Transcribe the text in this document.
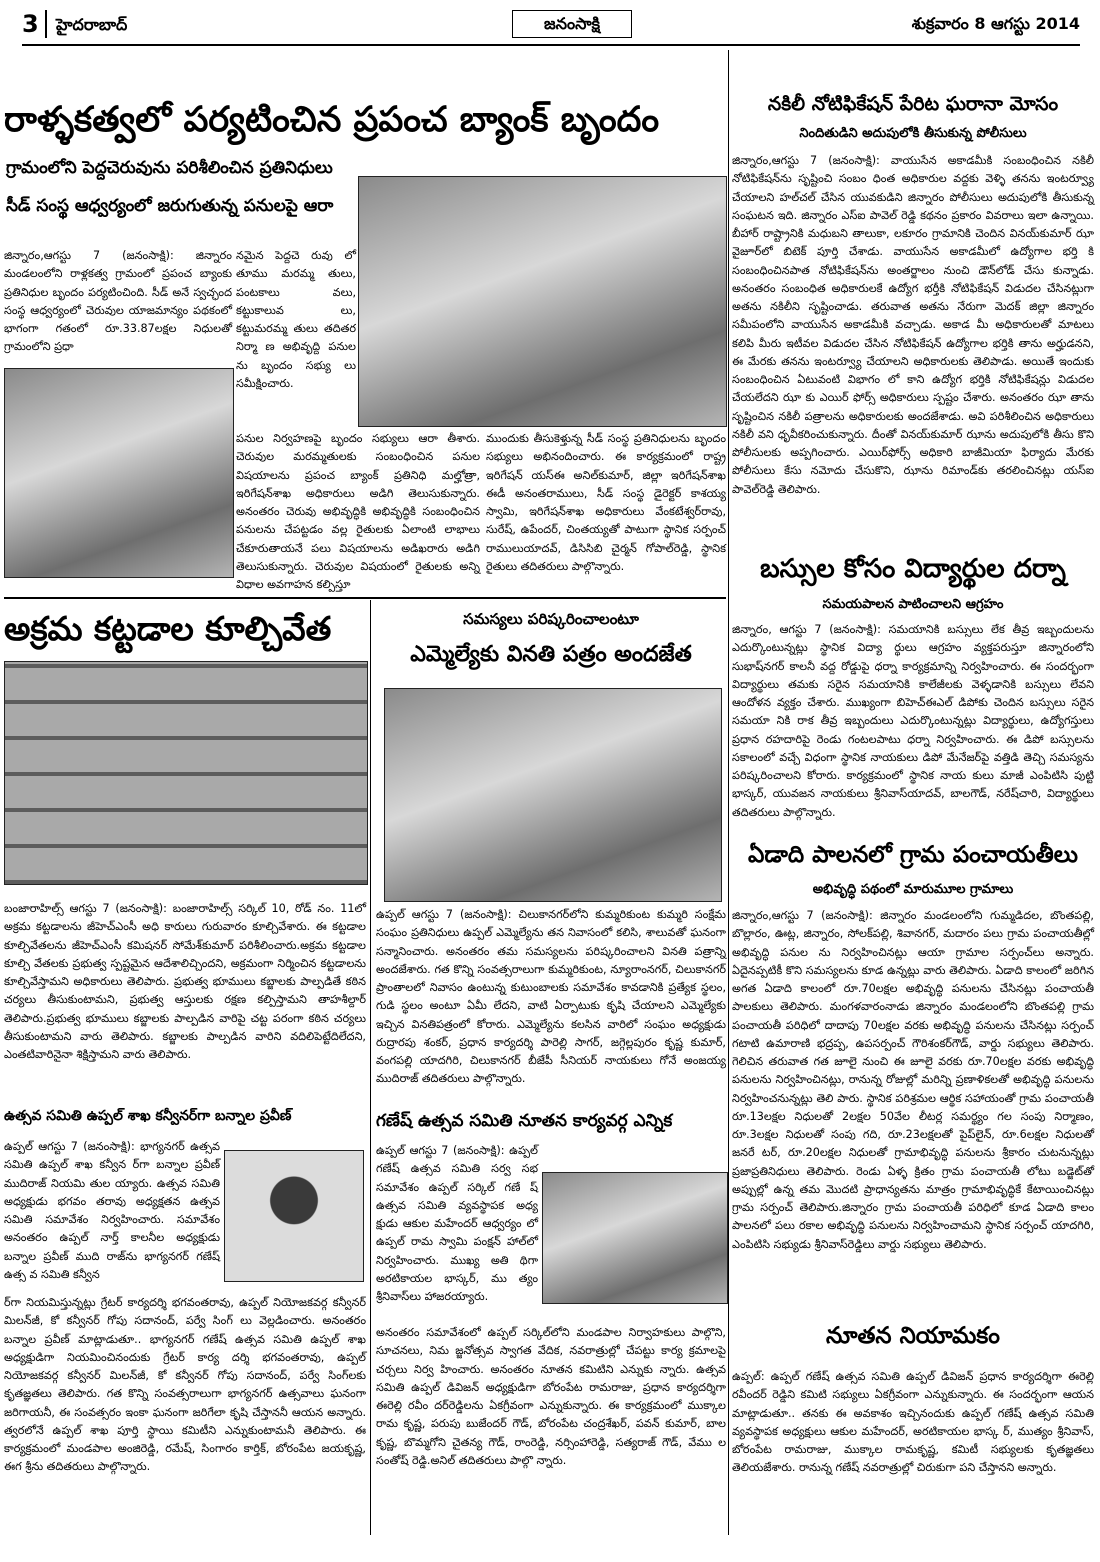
3	హైదరాబాద్	జనంసాక్షి	శుక్రవారం 8 ఆగస్టు 2014
రాళ్ళకత్వలో పర్యటించిన ప్రపంచ బ్యాంక్ బృందం
గ్రామంలోని పెద్దచెరువును పరిశీలించిన ప్రతినిధులు
సీడ్ సంస్థ ఆధ్వర్యంలో జరుగుతున్న పనులపై ఆరా
జిన్నారం,ఆగస్టు 7 (జనంసాక్షి): జిన్నారం మండలంలోని రాళ్లకత్వ గ్రామంలో ప్రపంచ బ్యాంకు ప్రతినిధుల బృందం పర్యటించింది. సీడ్ అనే స్వచ్ఛంద సంస్థ ఆధ్వర్యంలో చెరువుల యాజమాన్యం పథకంలో భాగంగా గతంలో రూ.33.87లక్షల నిధులతో గ్రామంలోని ప్రధా
నమైన పెద్దచె రువు లో తూము మరమ్మ తులు, పంటకాలు వలు, కట్టుకాలువ లు, కట్టుమరమ్మ తులు తదితర నిర్మా ణ అభివృద్ది పనుల ను బృందం సభ్యు లు సమీక్షించారు.
పనుల నిర్వహణపై బృందం సభ్యులు ఆరా తీశారు. చెరువుల మరమ్మతులకు సంబంధించిన పనుల విషయాలను ప్రపంచ బ్యాంక్ ప్రతినిధి మల్హోత్రా, ఇరిగేషన్‌శాఖ అధికారులు అడిగి తెలుసుకున్నారు. అనంతరం చెరువు అభివృద్ధికి అభివృద్ధికి సంబంధించిన పనులను చేపట్టడం వల్ల రైతులకు ఏలాంటి లాభాలు చేకూరుతాయనే పలు విషయాలను అడిఖరారు అడిగి తెలుసుకున్నారు. చెరువుల విషయంలో రైతులకు అన్ని విధాల అవగాహన కల్పిస్తూ
ముందుకు తీసుకెళ్తున్న సీడ్ సంస్థ ప్రతినిధులను బృందం సభ్యులు అభినందించారు. ఈ కార్యక్రమంలో రాష్ట్ర ఇరిగేషన్ యస్ఈ అనిల్‌కుమార్, జిల్లా ఇరిగేషన్‌శాఖ ఈడీ అనంతరాములు, సీడ్ సంస్థ డైరెక్టర్ కాశయ్య స్వామి, ఇరిగేషన్‌శాఖ అధికారులు వేంకటేశ్వర్‌రావు, సురేష్, ఉపేందర్, చింతయ్యతో పాటుగా స్థానిక సర్పంచ్ రాములుయాదవ్, డిసిసిబి చైర్మన్ గోపాల్‌రెడ్డి, స్థానిక రైతులు తదితరులు పాల్గొన్నారు.
నకిలీ నోటిఫికేషన్ పేరిట ఘరానా మోసం
నిందితుడిని అదుపులోకి తీసుకున్న పోలీసులు
జిన్నారం,ఆగస్టు 7 (జనంసాక్షి): వాయుసేన అకాడమీకి సంబంధించిన నకిలీ నోటిఫికేషన్‌ను సృష్టించి సంబం ధింత అధికారుల వద్దకు వెళ్ళి తనను ఇంటర్వ్యూ చేయాలని హల్‌చల్ చేసిన యువకుడిని జిన్నారం పోలీసులు అదుపులోకి తీసుకున్న సంఘటన ఇది. జిన్నారం ఎస్ఐ పావెల్ రెడ్డి కథనం ప్రకారం వివరాలు ఇలా ఉన్నాయి. బీహార్ రాష్ట్రానికి మధుబని తాలుకా, లకూరం గ్రామానికి చెందిన వినయ్‌కుమార్ ఝా వైజూర్‌లో బిటెక్ పూర్తి చేశాడు. వాయుసేన అకాడమీలో ఉద్యోగాల భర్తి కి సంబంధించినపాత నోటిఫికేషన్‌ను అంతర్జాలం నుంచి డౌన్‌లోడ్ చేసు కున్నాడు. అనంతరం సంబంధిత అధికారులకే ఉద్యోగ భర్తీకి నోటిఫికేషన్ విడుదల చేసినట్లుగా అతను నకిలీని సృష్టించాడు. తరువాత అతను నేరుగా మెదక్ జిల్లా జిన్నారం సమీపంలోని వాయుసేన అకాడమీకి వచ్చాడు. అకాడ మీ అధికారులతో మాటలు కలిపి మీరు ఇటీవల విడుదల చేసిన నోటిఫికేషన్ ఉద్యోగాల భర్తికి తాను అర్హుడనని, ఈ మేరకు తనను ఇంటర్వ్యూ చేయాలని అధికారులకు తెలిపాడు. అయితే ఇందుకు సంబంధించిన ఏటువంటి విభాగం లో కాని ఉద్యోగ భర్తికి నోటిఫికేషన్లు విడుదల చేయలేదని ఝా కు ఎయిర్ ఫోర్స్ అధికారులు స్పష్టం చేశారు. అనంతరం ఝా తాను సృష్టించిన నకిలీ పత్రాలను అధికారులకు అందజేశాడు. అవి పరిశీలించిన అధికారులు నకిలీ వని ధృవీకరించుకున్నారు. దీంతో వినయ్‌కుమార్ ఝాను అదుపులోకి తీసు కొని పోలీసులకు అప్పగించారు. ఎయిర్‌ఫోర్స్ అధికారి బాజీమియా ఫిర్యాదు మేరకు పోలీసులు కేసు నమోదు చేసుకొని, ఝాను రిమాండ్‌కు తరలించినట్లు యస్ఐ పావెల్‌రెడ్డి తెలిపారు.
బస్సుల కోసం విద్యార్థుల దర్నా
సమయపాలన పాటించాలని ఆగ్రహం
జిన్నారం, ఆగస్టు 7 (జనంసాక్షి): సమయానికి బస్సులు లేక తీవ్ర ఇబ్బందులను ఎదుర్కొంటున్నట్లు స్థానిక విద్యా ర్థులు ఆగ్రహం వ్యక్తపరుస్తూ జిన్నారంలోని సుభాష్‌నగర్ కాలనీ వద్ద రోడ్డుపై ధర్నా కార్యక్రమాన్ని నిర్వహించారు. ఈ సందర్భంగా విద్యార్థులు తమకు సరైన సమయానికి కాలేజీలకు వెళ్ళడానికి బస్సులు లేవని ఆందోళన వ్యక్తం చేశారు. ముఖ్యంగా బిహెచ్ఈఎల్ డిపోకు చెందిన బస్సులు సరైన సమయా నికి రాక తీవ్ర ఇబ్బందులు ఎదుర్కొంటున్నట్లు విద్యార్థులు, ఉద్యోగస్తులు ప్రధాన రహదారిపై రెండు గంటలపాటు ధర్నా నిర్వహించారు. ఈ డిపో బస్సులను సకాలంలో వచ్చే విధంగా స్థానిక నాయకులు డిపో మేనేజర్‌పై వత్తిడి తెచ్చి సమస్యను పరిష్కరించాలని కోరారు. కార్యక్రమంలో స్థానిక నాయ కులు మాజీ ఎంపిటిసి పుట్టి భాస్కర్, యువజన నాయకులు శ్రీనివాస్‌యాదవ్, బాలగౌడ్, నరేష్‌చారి, విద్యార్థులు తదితరులు పాల్గొన్నారు.
ఏడాది పాలనలో గ్రామ పంచాయతీలు
అభివృద్ధి పథంలో మారుమూల గ్రామాలు
జిన్నారం,ఆగస్టు 7 (జనంసాక్షి): జిన్నారం మండలంలోని గుమ్మడిదల, బొంతపల్లి, బొల్లారం, ఊట్ల, జిన్నారం, సోలక్‌పల్లి, శివానగర్, మదారం పలు గ్రామ పంచాయతీల్లో అభివృద్ధి పనుల ను నిర్వహించినట్లు ఆయా గ్రామాల సర్పంచ్‌లు అన్నారు. ఏదైనప్పటికీ కొని సమస్యలను కూడ ఉన్నట్లు వారు తెలిపారు. ఏడాది కాలంలో జరిగిన అగత ఏడాది కాలంలో రూ.70లక్షల అభివృద్ధి పనులను చేసినట్లు పంచాయతీ పాలకులు తెలిపారు. మంగళవారంనాడు జిన్నారం మండలంలోని బొంతపల్లి గ్రామ పంచాయతీ పరిధిలో దాదాపు 70లక్షల వరకు అభివృద్ధి పనులను చేసినట్లు సర్పంచ్ గటాటి ఉమారాణి భద్రప్ప, ఉపసర్పంచ్ గౌరిశంకర్‌గౌడ్, వార్డు సభ్యులు తెలిపారు. గెలిచిన తరువాత గత జూలై నుంచి ఈ జూలై వరకు రూ.70లక్షల వరకు అభివృద్ధి పనులను నిర్వహించినట్లు, రానున్న రోజుల్లో మరిన్ని ప్రణాళికలతో అభివృద్ధి పనులను నిర్వహించనున్నట్లు తెలి పారు. స్థానిక పరిశ్రమల ఆర్థిక సహాయంతో గ్రామ పంచాయతీ రూ.13లక్షల నిధులతో 2లక్షల 50వేల లీటర్ల సమర్థ్యం గల సంపు నిర్మాణం, రూ.3లక్షల నిధులతో సంపు గది, రూ.23లక్షలతో పైప్‌లైన్, రూ.6లక్షల నిధులతో జనరే టర్, రూ.20లక్షల నిధులతో గ్రామాభివృద్ధి పనులను శ్రీకారం చుటనున్నట్లు ప్రజాప్రతినిధులు తెలిపారు. రెండు ఏళ్ళ క్రితం గ్రామ పంచాయతీ లోటు బడ్జెట్‌తో అప్పుల్లో ఉన్న తమ మొదటి ప్రాధాన్యతను మాత్రం గ్రామాభివృద్ధికే కేటాయించినట్లు గ్రామ సర్పంచ్ తెలిపారు.జిన్నారం గ్రామ పంచాయతీ పరిధిలో కూడ ఏడాది కాలం పాలనలో పలు రకాల అభివృద్ధి పనులను నిర్వహించామని స్థానిక సర్పంచ్ యాదగిరి, ఎంపిటిసి సభ్యుడు శ్రీనివాస్‌రెడ్డిలు వార్డు సభ్యులు తెలిపారు.
నూతన నియామకం
ఉప్పల్: ఉప్పల్ గణేష్ ఉత్సవ సమితి ఉప్పల్ డివిజన్ ప్రధాన కార్యదర్శిగా ఈరెల్లి రవీందర్ రెడ్డిని కమిటి సభ్యులు ఏకగ్రీవంగా ఎన్నుకున్నారు. ఈ సందర్భంగా ఆయన మాట్లాడుతూ.. తనకు ఈ అవకాశం ఇచ్చినందుకు ఉప్పల్ గణేష్ ఉత్సవ సమితి వ్యవస్థాపక అధ్యక్షులు ఆకుల మహేందర్, అరటికాయల భాస్క ర్, ముత్యం శ్రీనివాస్, బోరంపేట రామరాజు, ముక్కాల రామకృష్ణ, కమిటీ సభ్యులకు కృతజ్ఞతలు తెలియజేశారు. రానున్న గణేష్ నవరాత్రుల్లో చిరుకుగా పని చేస్తానని అన్నారు.
అక్రమ కట్టడాల కూల్చివేత
బంజారాహిల్స్ ఆగస్టు 7 (జనంసాక్షి): బంజారాహిల్స్ సర్కిల్ 10, రోడ్ నం. 11లో అక్రమ కట్టడాలను జీహెచ్ఎంసీ అధి కారులు గురువారం కూల్చివేశారు. ఈ కట్టడాల కూల్చివేతలను జీహెచ్ఎంసీ కమిషనర్ సోమేశ్‌కుమార్ పరిశీలించారు.అక్రమ కట్టడాల కూల్చి వేతలకు ప్రభుత్వ స్పష్టమైన ఆదేశాలిచ్చిందని, అక్రమంగా నిర్మించిన కట్టడాలను కూల్చివేస్తామని అధికారులు తెలిపారు. ప్రభుత్వ భూములు కబ్జాలకు పాల్పడితే కఠిన చర్యలు తీసుకుంటామని, ప్రభుత్వ ఆస్తులకు రక్షణ కల్పిస్తామని తాహశీల్దార్ తెలిపారు.ప్రభుత్వ భూములు కబ్జాలకు పాల్పడిన వారిపై చట్ట పరంగా కఠిన చర్యలు తీసుకుంటామని వారు తెలిపారు. కబ్జాలకు పాల్పడిన వారిని వదిలిపెట్టేదిలేదని, ఎంతటివారినైనా శిక్షిస్తామని వారు తెలిపారు.
ఉత్సవ సమితి ఉప్పల్ శాఖ కన్వీనర్‌గా బన్నాల ప్రవీణ్
ఉప్పల్ ఆగస్టు 7 (జనంసాక్షి): భాగ్యనగర్ ఉత్సవ సమితి ఉప్పల్ శాఖ కన్వీన ర్‌గా బన్నాల ప్రవీణ్ ముదిరాజ్ నియమి తుల య్యారు. ఉత్సవ సమితి అధ్యక్షుడు భగవం తరావు అధ్యక్షతన ఉత్సవ సమితి సమావేశం నిర్వహించారు. సమావేశం అనంతరం ఉప్పల్ నార్త్ కాలనీల అధ్యక్షుడు బన్నాల ప్రవీణ్ ముది రాజ్‌ను భాగ్యనగర్ గణేష్ ఉత్స వ సమితి కన్వీన
ర్‌గా నియమిస్తున్నట్లు గ్రేటర్ కార్యదర్శి భగవంతరావు, ఉప్పల్ నియోజకవర్గ కన్వీనర్ మిలన్‌జీ, కో కన్వీనర్ గోపు సదానంద్, పర్వే సింగ్ లు వెల్లడించారు. అనంతరం బన్నాల ప్రవీణ్ మాట్లాడుతూ.. భాగ్యనగర్ గణేష్ ఉత్సవ సమితి ఉప్పల్ శాఖ అధ్యక్షుడిగా నియమించినందుకు గ్రేటర్ కార్య దర్శి భగవంతరావు, ఉప్పల్ నియోజకవర్గ కన్వీనర్ మిలన్‌జీ, కో కన్వీనర్ గోపు సదానంద్, పర్వే సింగ్‌లకు కృతజ్ఞతలు తెలిపారు. గత కొన్ని సంవత్సరాలుగా భాగ్యనగర్ ఉత్సవాలు ఘనంగా జరిగాయనీ, ఈ సంవత్సరం ఇంకా ఘనంగా జరిగేలా కృషి చేస్తాననీ ఆయన అన్నారు. త్వరలోనే ఉప్పల్ శాఖ పూర్తి స్థాయి కమిటీని ఎన్నుకుంటామనీ తెలిపారు. ఈ కార్యక్రమంలో మండపాల అంజిరెడ్డి, రమేష్, సింగారం కార్తిక్, బోరంపేట జయకృష్ణ, ఈగ శ్రీను తదితరులు పాల్గొన్నారు.
సమస్యలు పరిష్కరించాలంటూ
ఎమ్మెల్యేకు వినతి పత్రం అందజేత
ఉప్పల్ ఆగస్టు 7 (జనంసాక్షి): చిలుకానగర్‌లోని కుమ్మరికుంట కుమ్మరి సంక్షేమ సంఘం ప్రతినిధులు ఉప్పల్ ఎమ్మెల్యేను తన నివాసంలో కలిసి, శాలువతో ఘనంగా సన్మానించారు. అనంతరం తమ సమస్యలను పరిష్కరించాలని వినతి పత్రాన్ని అందజేశారు. గత కొన్ని సంవత్సరాలుగా కుమ్మరికుంట, న్యూరాంనగర్, చిలుకానగర్ ప్రాంతాలలో నివాసం ఉంటున్న కుటుంబాలకు సమావేశం కావడానికి ప్రత్యేక స్థలం, గుడి స్థలం అంటూ ఏమీ లేదని, వాటి ఏర్పాటుకు కృషి చేయాలని ఎమ్మెల్యేకు ఇచ్చిన వినతిపత్రంలో కోరారు. ఎమ్మెల్యేను కలసిన వారిలో సంఘం అధ్యక్షుడు రుద్రారపు శంకర్, ప్రధాన కార్యదర్శి పారెల్లి సాగర్, జగ్గెల్లపురం కృష్ణ కుమార్, వంగపల్లి యాదగిరి, చిలుకానగర్ బీజేపీ సీనియర్ నాయకులు గోనే అంజయ్య ముదిరాజ్ తదితరులు పాల్గొన్నారు.
గణేష్ ఉత్సవ సమితి నూతన కార్యవర్గ ఎన్నిక
ఉప్పల్ ఆగస్టు 7 (జనంసాక్షి): ఉప్పల్ గణేష్ ఉత్సవ సమితి సర్వ సభ సమావేశం ఉప్పల్ సర్కిల్ గణే ష్ ఉత్సవ సమితి వ్యవస్థాపక అధ్య క్షుడు ఆకుల మహేందర్ ఆధ్వర్యం లో ఉప్పల్ రామ స్వామి పంక్షన్ హాల్‌లో నిర్వహించారు. ముఖ్య అతి థిగా అరటికాయల భాస్కర్, ము త్యం శ్రీనివాస్‌లు హాజరయ్యారు.
అనంతరం సమావేశంలో ఉప్పల్ సర్కిల్‌లోని మండపాల నిర్వాహకులు పాల్గొని, సూచనలు, నిమ జ్జనోత్సవ స్వాగత వేదిక, నవరాత్రుల్లో చేపట్టు కార్య క్రమాలపై చర్చలు నిర్వ హించారు. అనంతరం నూతన కమిటిని ఎన్నుకు న్నారు. ఉత్సవ సమితి ఉప్పల్ డివిజన్ అధ్యక్షుడిగా బోరంపేట రామరాజు, ప్రధాన కార్యదర్శిగా ఈరెల్లి రవీం దర్‌రెడ్డిలను ఏకగ్రీవంగా ఎన్నుకున్నారు. ఈ కార్యక్రమంలో ముక్కాల రామ కృష్ణ, పరుపు బుజేందర్ గౌడ్, బోరంపేట చంద్రశేఖర్, పవన్ కుమార్, బాల కృష్ణ, బొమ్మగోని చైతన్య గౌడ్, రాంరెడ్డి, నర్సింహారెడ్డి, సత్యరాజ్ గౌడ్, వేము ల సంతోష్ రెడ్డి.అనిల్ తదితరులు పాల్గొ న్నారు.
